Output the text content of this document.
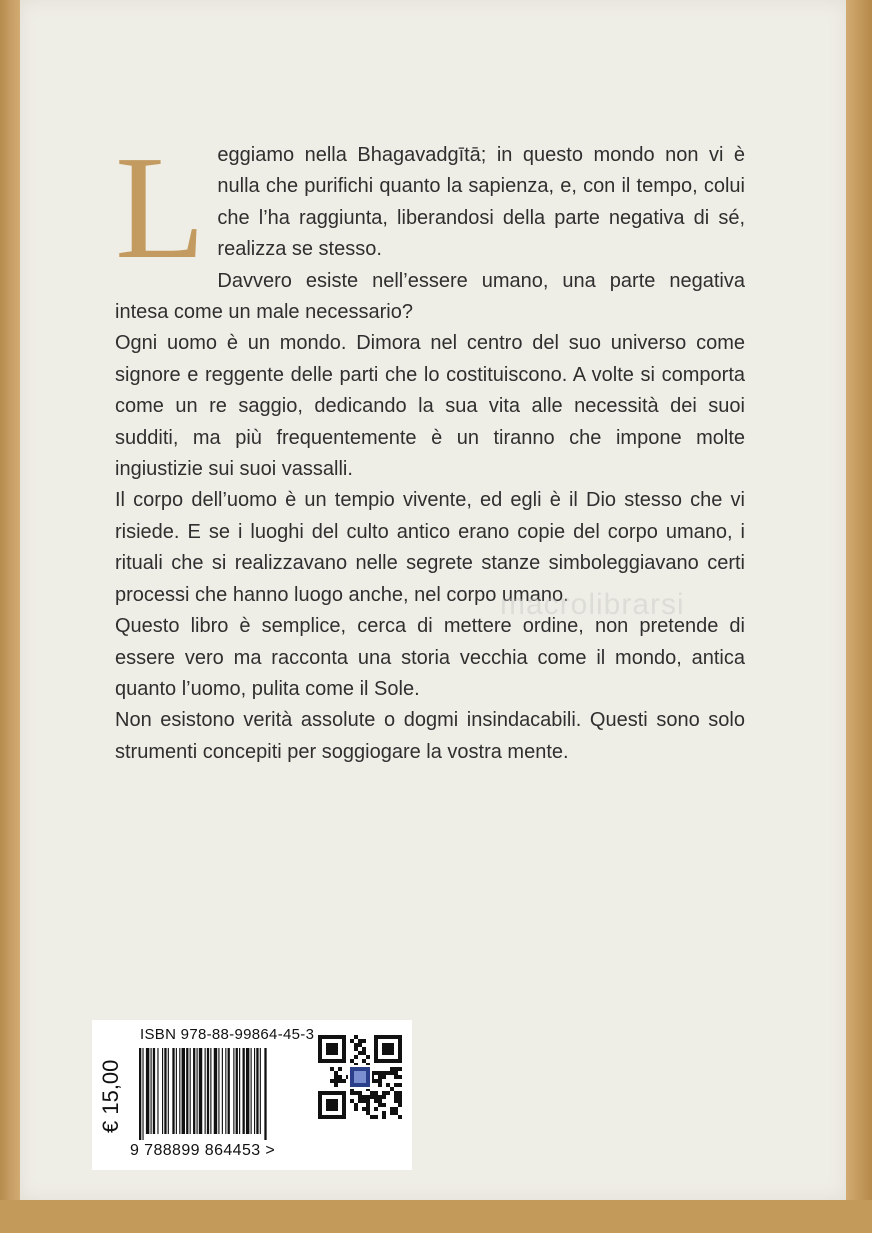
Leggiamo nella Bhagavadgītā; in questo mondo non vi è nulla che purifichi quanto la sapienza, e, con il tempo, colui che l’ha raggiunta, liberandosi della parte negativa di sé, realizza se stesso.

Davvero esiste nell’essere umano, una parte negativa intesa come un male necessario?

Ogni uomo è un mondo. Dimora nel centro del suo universo come signore e reggente delle parti che lo costituiscono. A volte si comporta come un re saggio, dedicando la sua vita alle necessità dei suoi sudditi, ma più frequentemente è un tiranno che impone molte ingiustizie sui suoi vassalli.

Il corpo dell’uomo è un tempio vivente, ed egli è il Dio stesso che vi risiede. E se i luoghi del culto antico erano copie del corpo umano, i rituali che si realizzavano nelle segrete stanze simboleggiavano certi processi che hanno luogo anche, nel corpo umano.

Questo libro è semplice, cerca di mettere ordine, non pretende di essere vero ma racconta una storia vecchia come il mondo, antica quanto l’uomo, pulita come il Sole.

Non esistono verità assolute o dogmi insindacabili. Questi sono solo strumenti concepiti per soggiogare la vostra mente.

macrolibrarsi
€ 15,00
ISBN 978-88-99864-45-3
9 788899 864453 >
